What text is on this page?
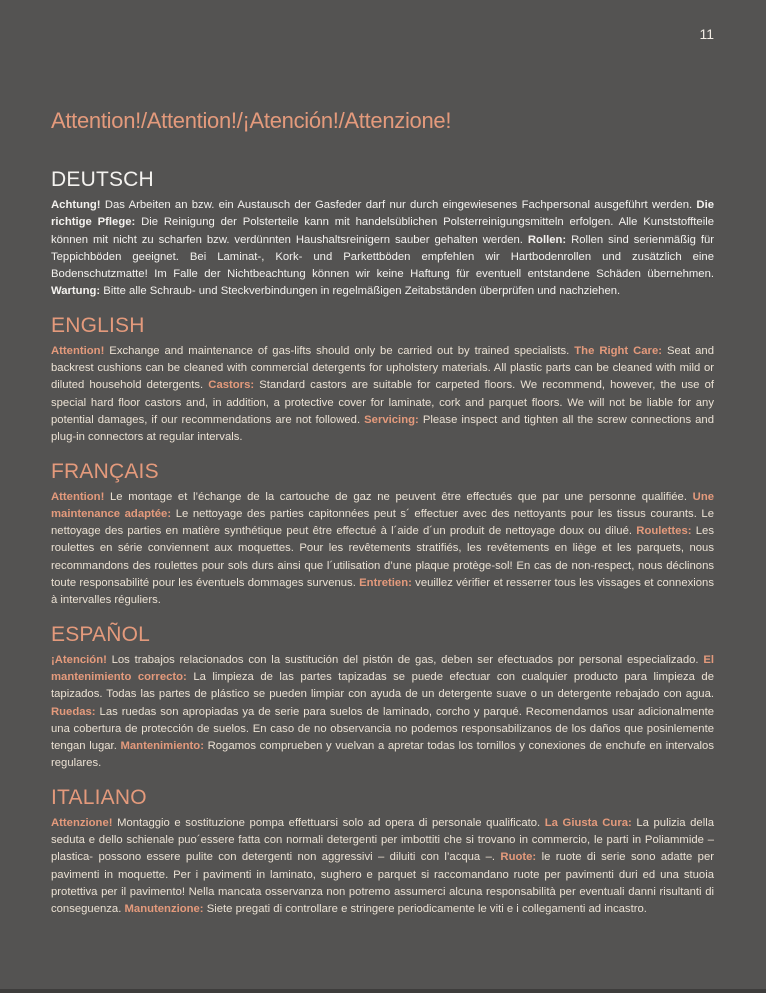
11
Attention!/Attention!/¡Atención!/Attenzione!
DEUTSCH

Achtung! Das Arbeiten an bzw. ein Austausch der Gasfeder darf nur durch eingewiesenes Fachpersonal ausgeführt werden. Die richtige Pflege: Die Reinigung der Polsterteile kann mit handelsüblichen Polsterreinigungsmitteln erfolgen. Alle Kunststoffteile können mit nicht zu scharfen bzw. verdünnten Haushaltsreinigern sauber gehalten werden. Rollen: Rollen sind serienmäßig für Teppichböden geeignet. Bei Laminat-, Kork- und Parkettböden empfehlen wir Hartbodenrollen und zusätzlich eine Bodenschutzmatte! Im Falle der Nichtbeachtung können wir keine Haftung für eventuell entstandene Schäden übernehmen. Wartung: Bitte alle Schraub- und Steckverbindungen in regelmäßigen Zeitabständen überprüfen und nachziehen.

ENGLISH

Attention! Exchange and maintenance of gas-lifts should only be carried out by trained specialists. The Right Care: Seat and backrest cushions can be cleaned with commercial detergents for upholstery materials. All plastic parts can be cleaned with mild or diluted household detergents. Castors: Standard castors are suitable for carpeted floors. We recommend, however, the use of special hard floor castors and, in addition, a protective cover for laminate, cork and parquet floors. We will not be liable for any potential damages, if our recommendations are not followed. Servicing: Please inspect and tighten all the screw connections and plug-in connectors at regular intervals.

FRANÇAIS

Attention! Le montage et l’échange de la cartouche de gaz ne peuvent être effectués que par une personne qualifiée. Une maintenance adaptée: Le nettoyage des parties capitonnées peut s´ effectuer avec des nettoyants pour les tissus courants. Le nettoyage des parties en matière synthétique peut être effectué à l´aide d´un produit de nettoyage doux ou dilué. Roulettes: Les roulettes en série conviennent aux moquettes. Pour les revêtements stratifiés, les revêtements en liège et les parquets, nous recommandons des roulettes pour sols durs ainsi que l´utilisation d’une plaque protège-sol! En cas de non-respect, nous déclinons toute responsabilité pour les éventuels dommages survenus. Entretien: veuillez vérifier et resserrer tous les vissages et connexions à intervalles réguliers.

ESPAÑOL

¡Atención! Los trabajos relacionados con la sustitución del pistón de gas, deben ser efectuados por personal especializado. El mantenimiento correcto: La limpieza de las partes tapizadas se puede efectuar con cualquier producto para limpieza de tapizados. Todas las partes de plástico se pueden limpiar con ayuda de un detergente suave o un detergente rebajado con agua. Ruedas: Las ruedas son apropiadas ya de serie para suelos de laminado, corcho y parqué. Recomendamos usar adicionalmente una cobertura de protección de suelos. En caso de no observancia no podemos responsabilizanos de los daños que posinlemente tengan lugar. Mantenimiento: Rogamos comprueben y vuelvan a apretar todas los tornillos y conexiones de enchufe en intervalos regulares.

ITALIANO

Attenzione! Montaggio e sostituzione pompa effettuarsi solo ad opera di personale qualificato. La Giusta Cura: La pulizia della seduta e dello schienale puo´essere fatta con normali detergenti per imbottiti che si trovano in commercio, le parti in Poliammide –plastica- possono essere pulite con detergenti non aggressivi – diluiti con l’acqua –. Ruote: le ruote di serie sono adatte per pavimenti in moquette. Per i pavimenti in laminato, sughero e parquet si raccomandano ruote per pavimenti duri ed una stuoia protettiva per il pavimento! Nella mancata osservanza non potremo assumerci alcuna responsabilità per eventuali danni risultanti di conseguenza. Manutenzione: Siete pregati di controllare e stringere periodicamente le viti e i collegamenti ad incastro.
